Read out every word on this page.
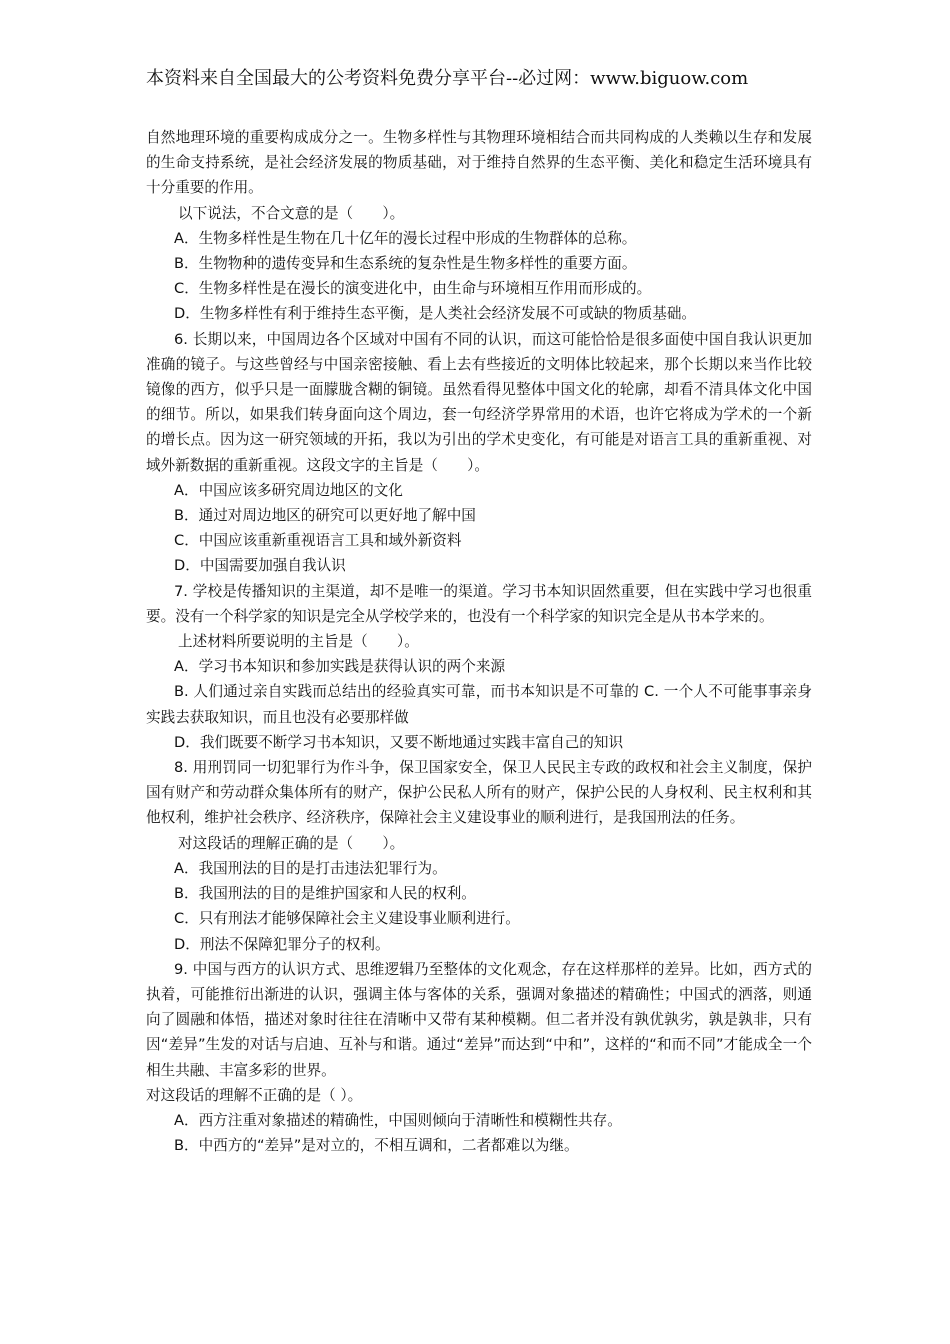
本资料来自全国最大的公考资料免费分享平台--必过网：www.biguow.com

自然地理环境的重要构成成分之一。生物多样性与其物理环境相结合而共同构成的人类赖以生存和发展的生命支持系统，是社会经济发展的物质基础，对于维持自然界的生态平衡、美化和稳定生活环境具有十分重要的作用。

以下说法，不合文意的是（　　）。

A．生物多样性是生物在几十亿年的漫长过程中形成的生物群体的总称。

B．生物物种的遗传变异和生态系统的复杂性是生物多样性的重要方面。

C．生物多样性是在漫长的演变进化中，由生命与环境相互作用而形成的。

D．生物多样性有利于维持生态平衡，是人类社会经济发展不可或缺的物质基础。

6. 长期以来，中国周边各个区域对中国有不同的认识，而这可能恰恰是很多面使中国自我认识更加准确的镜子。与这些曾经与中国亲密接触、看上去有些接近的文明体比较起来，那个长期以来当作比较镜像的西方，似乎只是一面朦胧含糊的铜镜。虽然看得见整体中国文化的轮廓，却看不清具体文化中国的细节。所以，如果我们转身面向这个周边，套一句经济学界常用的术语，也许它将成为学术的一个新的增长点。因为这一研究领域的开拓，我以为引出的学术史变化，有可能是对语言工具的重新重视、对域外新数据的重新重视。这段文字的主旨是（　　）。

A．中国应该多研究周边地区的文化

B．通过对周边地区的研究可以更好地了解中国

C．中国应该重新重视语言工具和域外新资料

D．中国需要加强自我认识

7. 学校是传播知识的主渠道，却不是唯一的渠道。学习书本知识固然重要，但在实践中学习也很重要。没有一个科学家的知识是完全从学校学来的，也没有一个科学家的知识完全是从书本学来的。

上述材料所要说明的主旨是（　　）。

A．学习书本知识和参加实践是获得认识的两个来源

B. 人们通过亲自实践而总结出的经验真实可靠，而书本知识是不可靠的 C. 一个人不可能事事亲身实践去获取知识，而且也没有必要那样做

D．我们既要不断学习书本知识，又要不断地通过实践丰富自己的知识

8. 用刑罚同一切犯罪行为作斗争，保卫国家安全，保卫人民民主专政的政权和社会主义制度，保护国有财产和劳动群众集体所有的财产，保护公民私人所有的财产，保护公民的人身权利、民主权利和其他权利，维护社会秩序、经济秩序，保障社会主义建设事业的顺利进行，是我国刑法的任务。

对这段话的理解正确的是（　　）。

A．我国刑法的目的是打击违法犯罪行为。

B．我国刑法的目的是维护国家和人民的权利。

C．只有刑法才能够保障社会主义建设事业顺利进行。

D．刑法不保障犯罪分子的权利。

9. 中国与西方的认识方式、思维逻辑乃至整体的文化观念，存在这样那样的差异。比如，西方式的执着，可能推衍出渐进的认识，强调主体与客体的关系，强调对象描述的精确性；中国式的洒落，则通向了圆融和体悟，描述对象时往往在清晰中又带有某种模糊。但二者并没有孰优孰劣，孰是孰非，只有因“差异”生发的对话与启迪、互补与和谐。通过“差异”而达到“中和”，这样的“和而不同”才能成全一个相生共融、丰富多彩的世界。

对这段话的理解不正确的是（ ）。

A．西方注重对象描述的精确性，中国则倾向于清晰性和模糊性共存。

B．中西方的“差异”是对立的，不相互调和，二者都难以为继。
